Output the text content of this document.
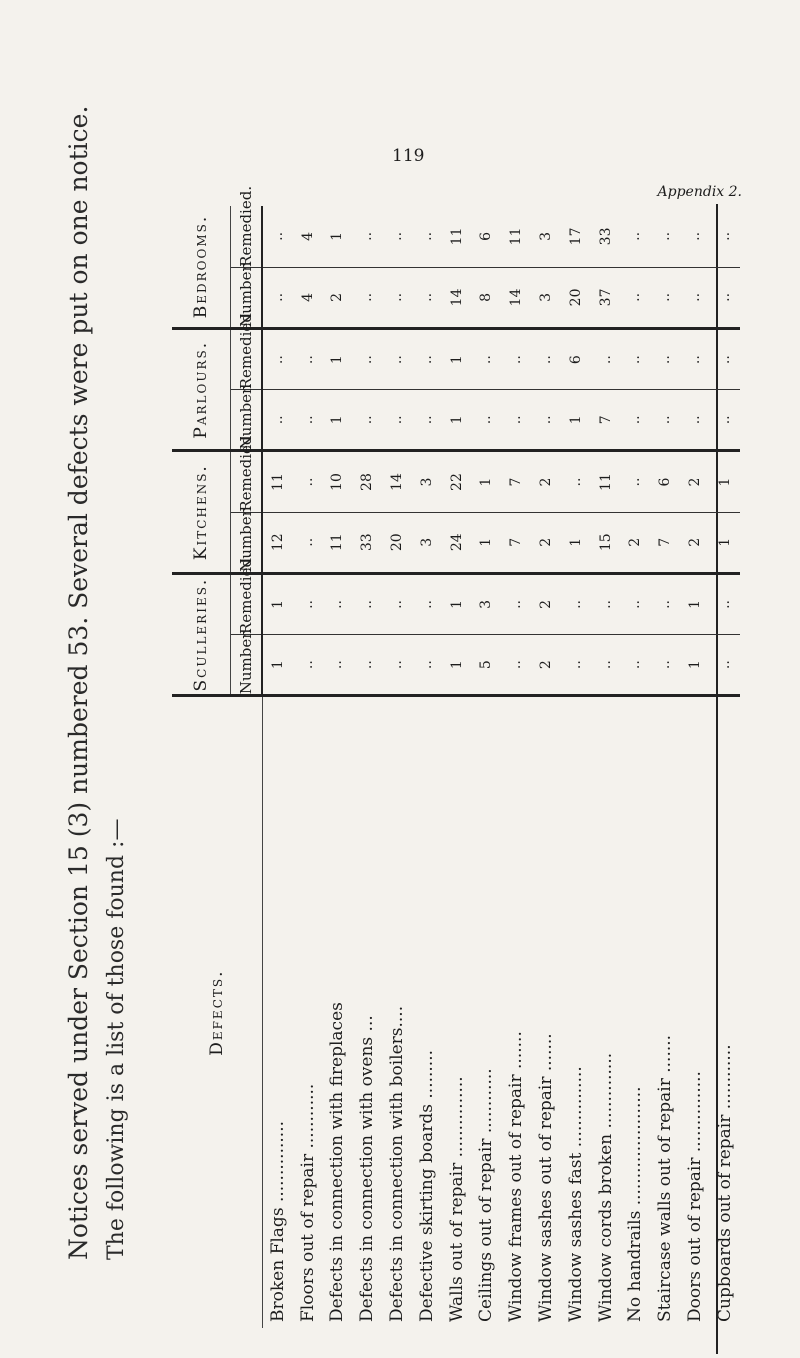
119
Appendix 2.
Notices served under Section 15 (3) numbered 53. Several defects were put on one notice. The following is a list of those found :—	Defects.	Sculleries.		Kitchens.		Parlours.		Bedrooms.	
	Number.	Remedied.	Number.	Remedied.	Number.	Remedied.	Number.	Remedied.
Broken Flags ...............	1	1	12	11	..	..	..	..
Floors out of repair ............	..	..	..	..	..	..	4	4
Defects in connection with fireplaces	..	..	11	10	1	1	2	1
Defects in connection with ovens ...	..	..	33	28	..	..	..	..
Defects in connection with boilers....	..	..	20	14	..	..	..	..
Defective skirting boards .........	..	..	3	3	..	..	..	..
Walls out of repair ...............	1	1	24	22	1	1	14	11
Ceilings out of repair ............	5	3	1	1	..	..	8	6
Window frames out of repair .......	..	..	7	7	..	..	14	11
Window sashes out of repair .......	2	2	2	2	..	..	3	3
Window sashes fast ...............	..	..	1	..	1	6	20	17
Window cords broken ..............	..	..	15	11	7	..	37	33
No handrails ......................	..	..	2	..	..	..	..	..
Staircase walls out of repair .......	..	..	7	6	..	..	..	..
Doors out of repair ...............	1	1	2	2	..	..	..	..
Cupboards out of repair ............	..	..	1	1	..	..	..	..
